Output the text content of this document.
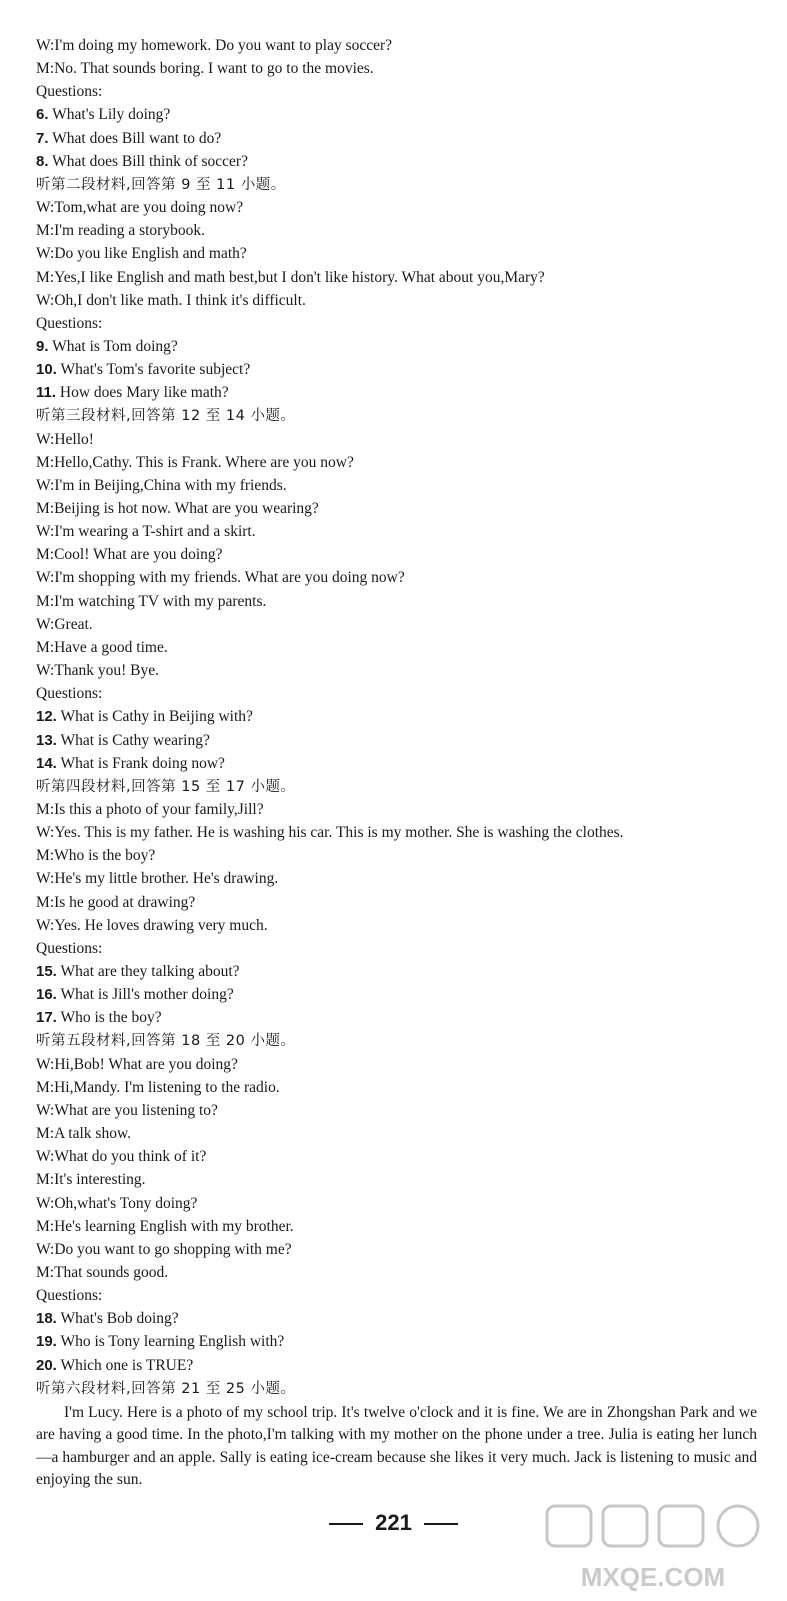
W:I'm doing my homework. Do you want to play soccer?
M:No. That sounds boring. I want to go to the movies.
Questions:
6. What's Lily doing?
7. What does Bill want to do?
8. What does Bill think of soccer?
听第二段材料,回答第 9 至 11 小题。
W:Tom,what are you doing now?
M:I'm reading a storybook.
W:Do you like English and math?
M:Yes,I like English and math best,but I don't like history. What about you,Mary?
W:Oh,I don't like math. I think it's difficult.
Questions:
9. What is Tom doing?
10. What's Tom's favorite subject?
11. How does Mary like math?
听第三段材料,回答第 12 至 14 小题。
W:Hello!
M:Hello,Cathy. This is Frank. Where are you now?
W:I'm in Beijing,China with my friends.
M:Beijing is hot now. What are you wearing?
W:I'm wearing a T-shirt and a skirt.
M:Cool! What are you doing?
W:I'm shopping with my friends. What are you doing now?
M:I'm watching TV with my parents.
W:Great.
M:Have a good time.
W:Thank you! Bye.
Questions:
12. What is Cathy in Beijing with?
13. What is Cathy wearing?
14. What is Frank doing now?
听第四段材料,回答第 15 至 17 小题。
M:Is this a photo of your family,Jill?
W:Yes. This is my father. He is washing his car. This is my mother. She is washing the clothes.
M:Who is the boy?
W:He's my little brother. He's drawing.
M:Is he good at drawing?
W:Yes. He loves drawing very much.
Questions:
15. What are they talking about?
16. What is Jill's mother doing?
17. Who is the boy?
听第五段材料,回答第 18 至 20 小题。
W:Hi,Bob! What are you doing?
M:Hi,Mandy. I'm listening to the radio.
W:What are you listening to?
M:A talk show.
W:What do you think of it?
M:It's interesting.
W:Oh,what's Tony doing?
M:He's learning English with my brother.
W:Do you want to go shopping with me?
M:That sounds good.
Questions:
18. What's Bob doing?
19. Who is Tony learning English with?
20. Which one is TRUE?
听第六段材料,回答第 21 至 25 小题。
I'm Lucy. Here is a photo of my school trip. It's twelve o'clock and it is fine. We are in Zhongshan Park and we are having a good time. In the photo,I'm talking with my mother on the phone under a tree. Julia is eating her lunch—a hamburger and an apple. Sally is eating ice-cream because she likes it very much. Jack is listening to music and enjoying the sun.
221
MXQE.COM
